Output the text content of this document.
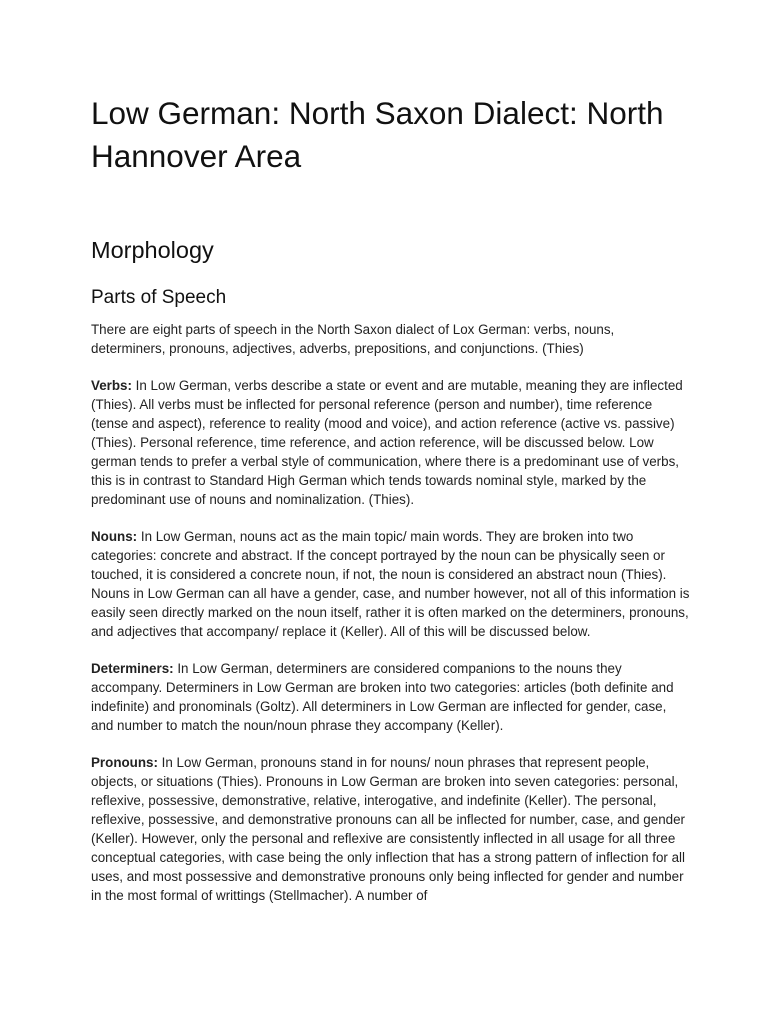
Low German: North Saxon Dialect: North Hannover Area
Morphology
Parts of Speech

There are eight parts of speech in the North Saxon dialect of Lox German: verbs, nouns, determiners, pronouns, adjectives, adverbs, prepositions, and conjunctions. (Thies)

Verbs: In Low German, verbs describe a state or event and are mutable, meaning they are inflected (Thies). All verbs must be inflected for personal reference (person and number), time reference (tense and aspect), reference to reality (mood and voice), and action reference (active vs. passive) (Thies). Personal reference, time reference, and action reference, will be discussed below. Low german tends to prefer a verbal style of communication, where there is a predominant use of verbs, this is in contrast to Standard High German which tends towards nominal style, marked by the predominant use of nouns and nominalization. (Thies).

Nouns: In Low German, nouns act as the main topic/ main words. They are broken into two categories: concrete and abstract. If the concept portrayed by the noun can be physically seen or touched, it is considered a concrete noun, if not, the noun is considered an abstract noun (Thies). Nouns in Low German can all have a gender, case, and number however, not all of this information is easily seen directly marked on the noun itself, rather it is often marked on the determiners, pronouns, and adjectives that accompany/ replace it (Keller). All of this will be discussed below.

Determiners: In Low German, determiners are considered companions to the nouns they accompany. Determiners in Low German are broken into two categories: articles (both definite and indefinite) and pronominals (Goltz). All determiners in Low German are inflected for gender, case, and number to match the noun/noun phrase they accompany (Keller).

Pronouns: In Low German, pronouns stand in for nouns/ noun phrases that represent people, objects, or situations (Thies). Pronouns in Low German are broken into seven categories: personal, reflexive, possessive, demonstrative, relative, interogative, and indefinite (Keller). The personal, reflexive, possessive, and demonstrative pronouns can all be inflected for number, case, and gender (Keller). However, only the personal and reflexive are consistently inflected in all usage for all three conceptual categories, with case being the only inflection that has a strong pattern of inflection for all uses, and most possessive and demonstrative pronouns only being inflected for gender and number in the most formal of writtings (Stellmacher). A number of
